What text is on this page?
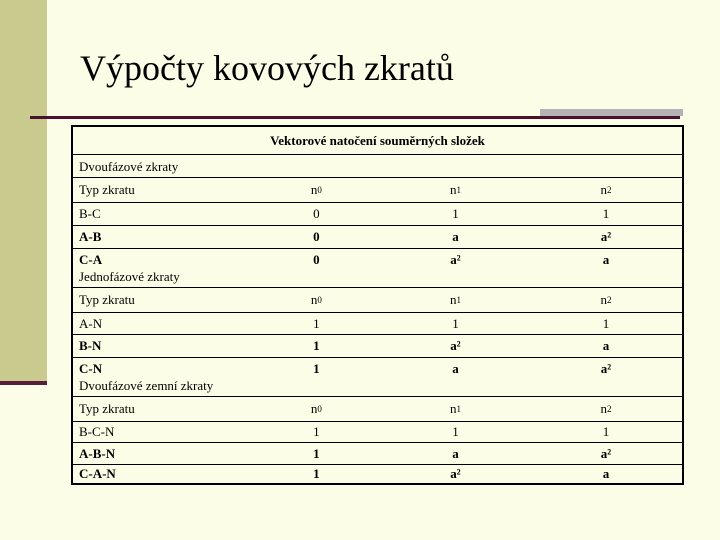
Výpočty kovových zkratů
Vektorové natočení souměrných složek
Dvoufázové zkraty
Typ zkratu	n 0	n 1	n 2
B-C	0	1	1
A-B	0	a	a²
C-A	0	a²	a
Jednofázové zkraty
Typ zkratu	n 0	n 1	n 2
A-N	1	1	1
B-N	1	a²	a
C-N	1	a	a²
Dvoufázové zemní zkraty
Typ zkratu	n 0	n 1	n 2
B-C-N	1	1	1
A-B-N	1	a	a²
C-A-N	1	a²	a
